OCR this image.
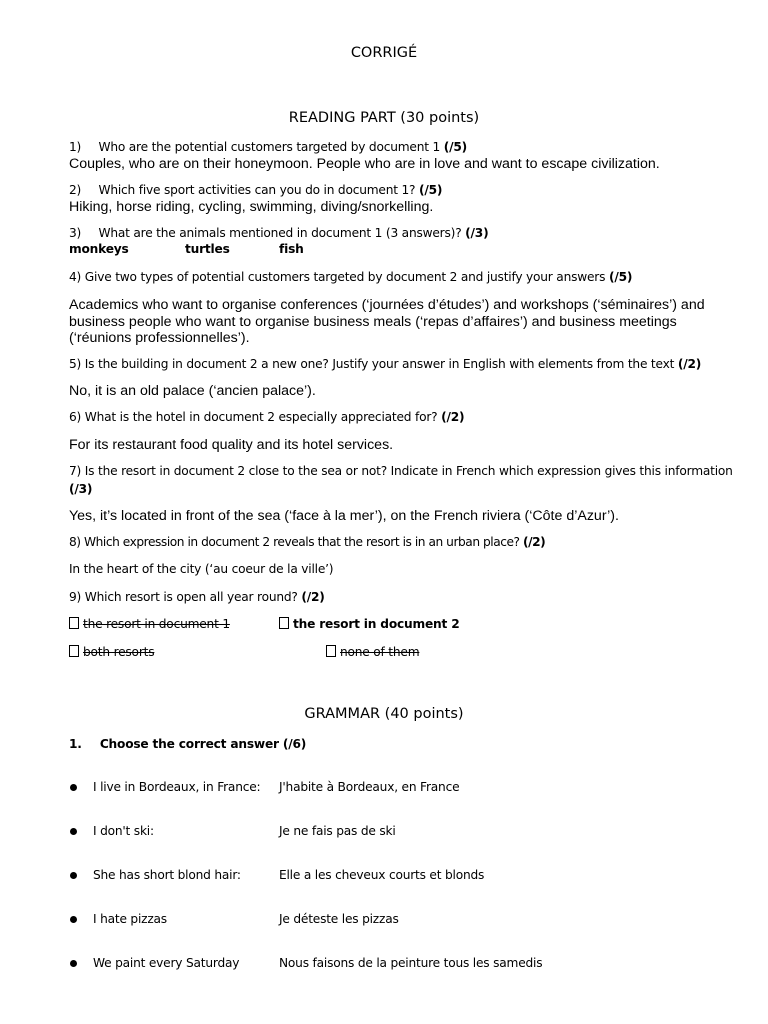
CORRIGÉ
READING PART (30 points)
1) Who are the potential customers targeted by document 1 (/5)
Couples, who are on their honeymoon. People who are in love and want to escape civilization.
2) Which five sport activities can you do in document 1? (/5)
Hiking, horse riding, cycling, swimming, diving/snorkelling.
3) What are the animals mentioned in document 1 (3 answers)? (/3)
monkeys	turtles	fish
4) Give two types of potential customers targeted by document 2 and justify your answers (/5)
Academics who want to organise conferences (‘journées d’études’) and workshops (‘séminaires’) and business people who want to organise business meals (‘repas d’affaires’) and business meetings (‘réunions professionnelles’).
5) Is the building in document 2 a new one? Justify your answer in English with elements from the text (/2)
No, it is an old palace (‘ancien palace’).
6) What is the hotel in document 2 especially appreciated for? (/2)
For its restaurant food quality and its hotel services.
7) Is the resort in document 2 close to the sea or not? Indicate in French which expression gives this information
(/3)
Yes, it’s located in front of the sea (‘face à la mer’), on the French riviera (‘Côte d’Azur’).
8) Which expression in document 2 reveals that the resort is in an urban place? (/2)
In the heart of the city (‘au coeur de la ville’)
9) Which resort is open all year round? (/2)
the resort in document 1	the resort in document 2
both resorts	none of them
GRAMMAR (40 points)
1. Choose the correct answer (/6)
I live in Bordeaux, in France: J'habite à Bordeaux, en France
I don't ski:	Je ne fais pas de ski
She has short blond hair:	Elle a les cheveux courts et blonds
I hate pizzas	Je déteste les pizzas
We paint every Saturday	Nous faisons de la peinture tous les samedis
